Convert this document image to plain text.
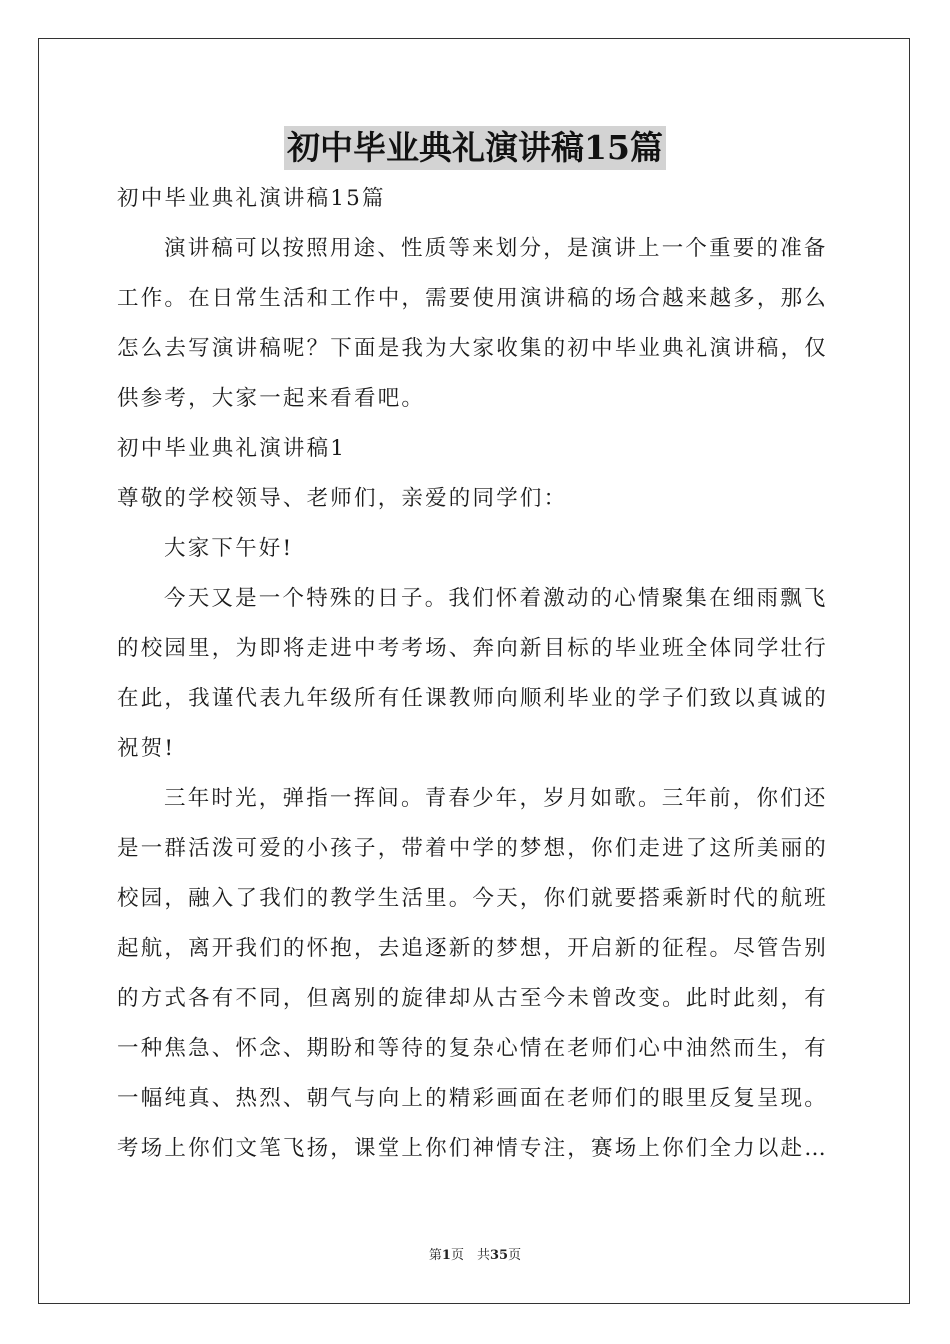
初中毕业典礼演讲稿15篇
初中毕业典礼演讲稿15篇
演讲稿可以按照用途、性质等来划分，是演讲上一个重要的准备
工作。在日常生活和工作中，需要使用演讲稿的场合越来越多，那么
怎么去写演讲稿呢？下面是我为大家收集的初中毕业典礼演讲稿，仅
供参考，大家一起来看看吧。
初中毕业典礼演讲稿1
尊敬的学校领导、老师们，亲爱的同学们：
大家下午好!
今天又是一个特殊的日子。我们怀着激动的心情聚集在细雨飘飞
的校园里，为即将走进中考考场、奔向新目标的毕业班全体同学壮行
在此，我谨代表九年级所有任课教师向顺利毕业的学子们致以真诚的
祝贺!
三年时光，弹指一挥间。青春少年，岁月如歌。三年前，你们还
是一群活泼可爱的小孩子，带着中学的梦想，你们走进了这所美丽的
校园，融入了我们的教学生活里。今天，你们就要搭乘新时代的航班
起航，离开我们的怀抱，去追逐新的梦想，开启新的征程。尽管告别
的方式各有不同，但离别的旋律却从古至今未曾改变。此时此刻，有
一种焦急、怀念、期盼和等待的复杂心情在老师们心中油然而生，有
一幅纯真、热烈、朝气与向上的精彩画面在老师们的眼里反复呈现。
考场上你们文笔飞扬，课堂上你们神情专注，赛场上你们全力以赴…
第1页　共35页
